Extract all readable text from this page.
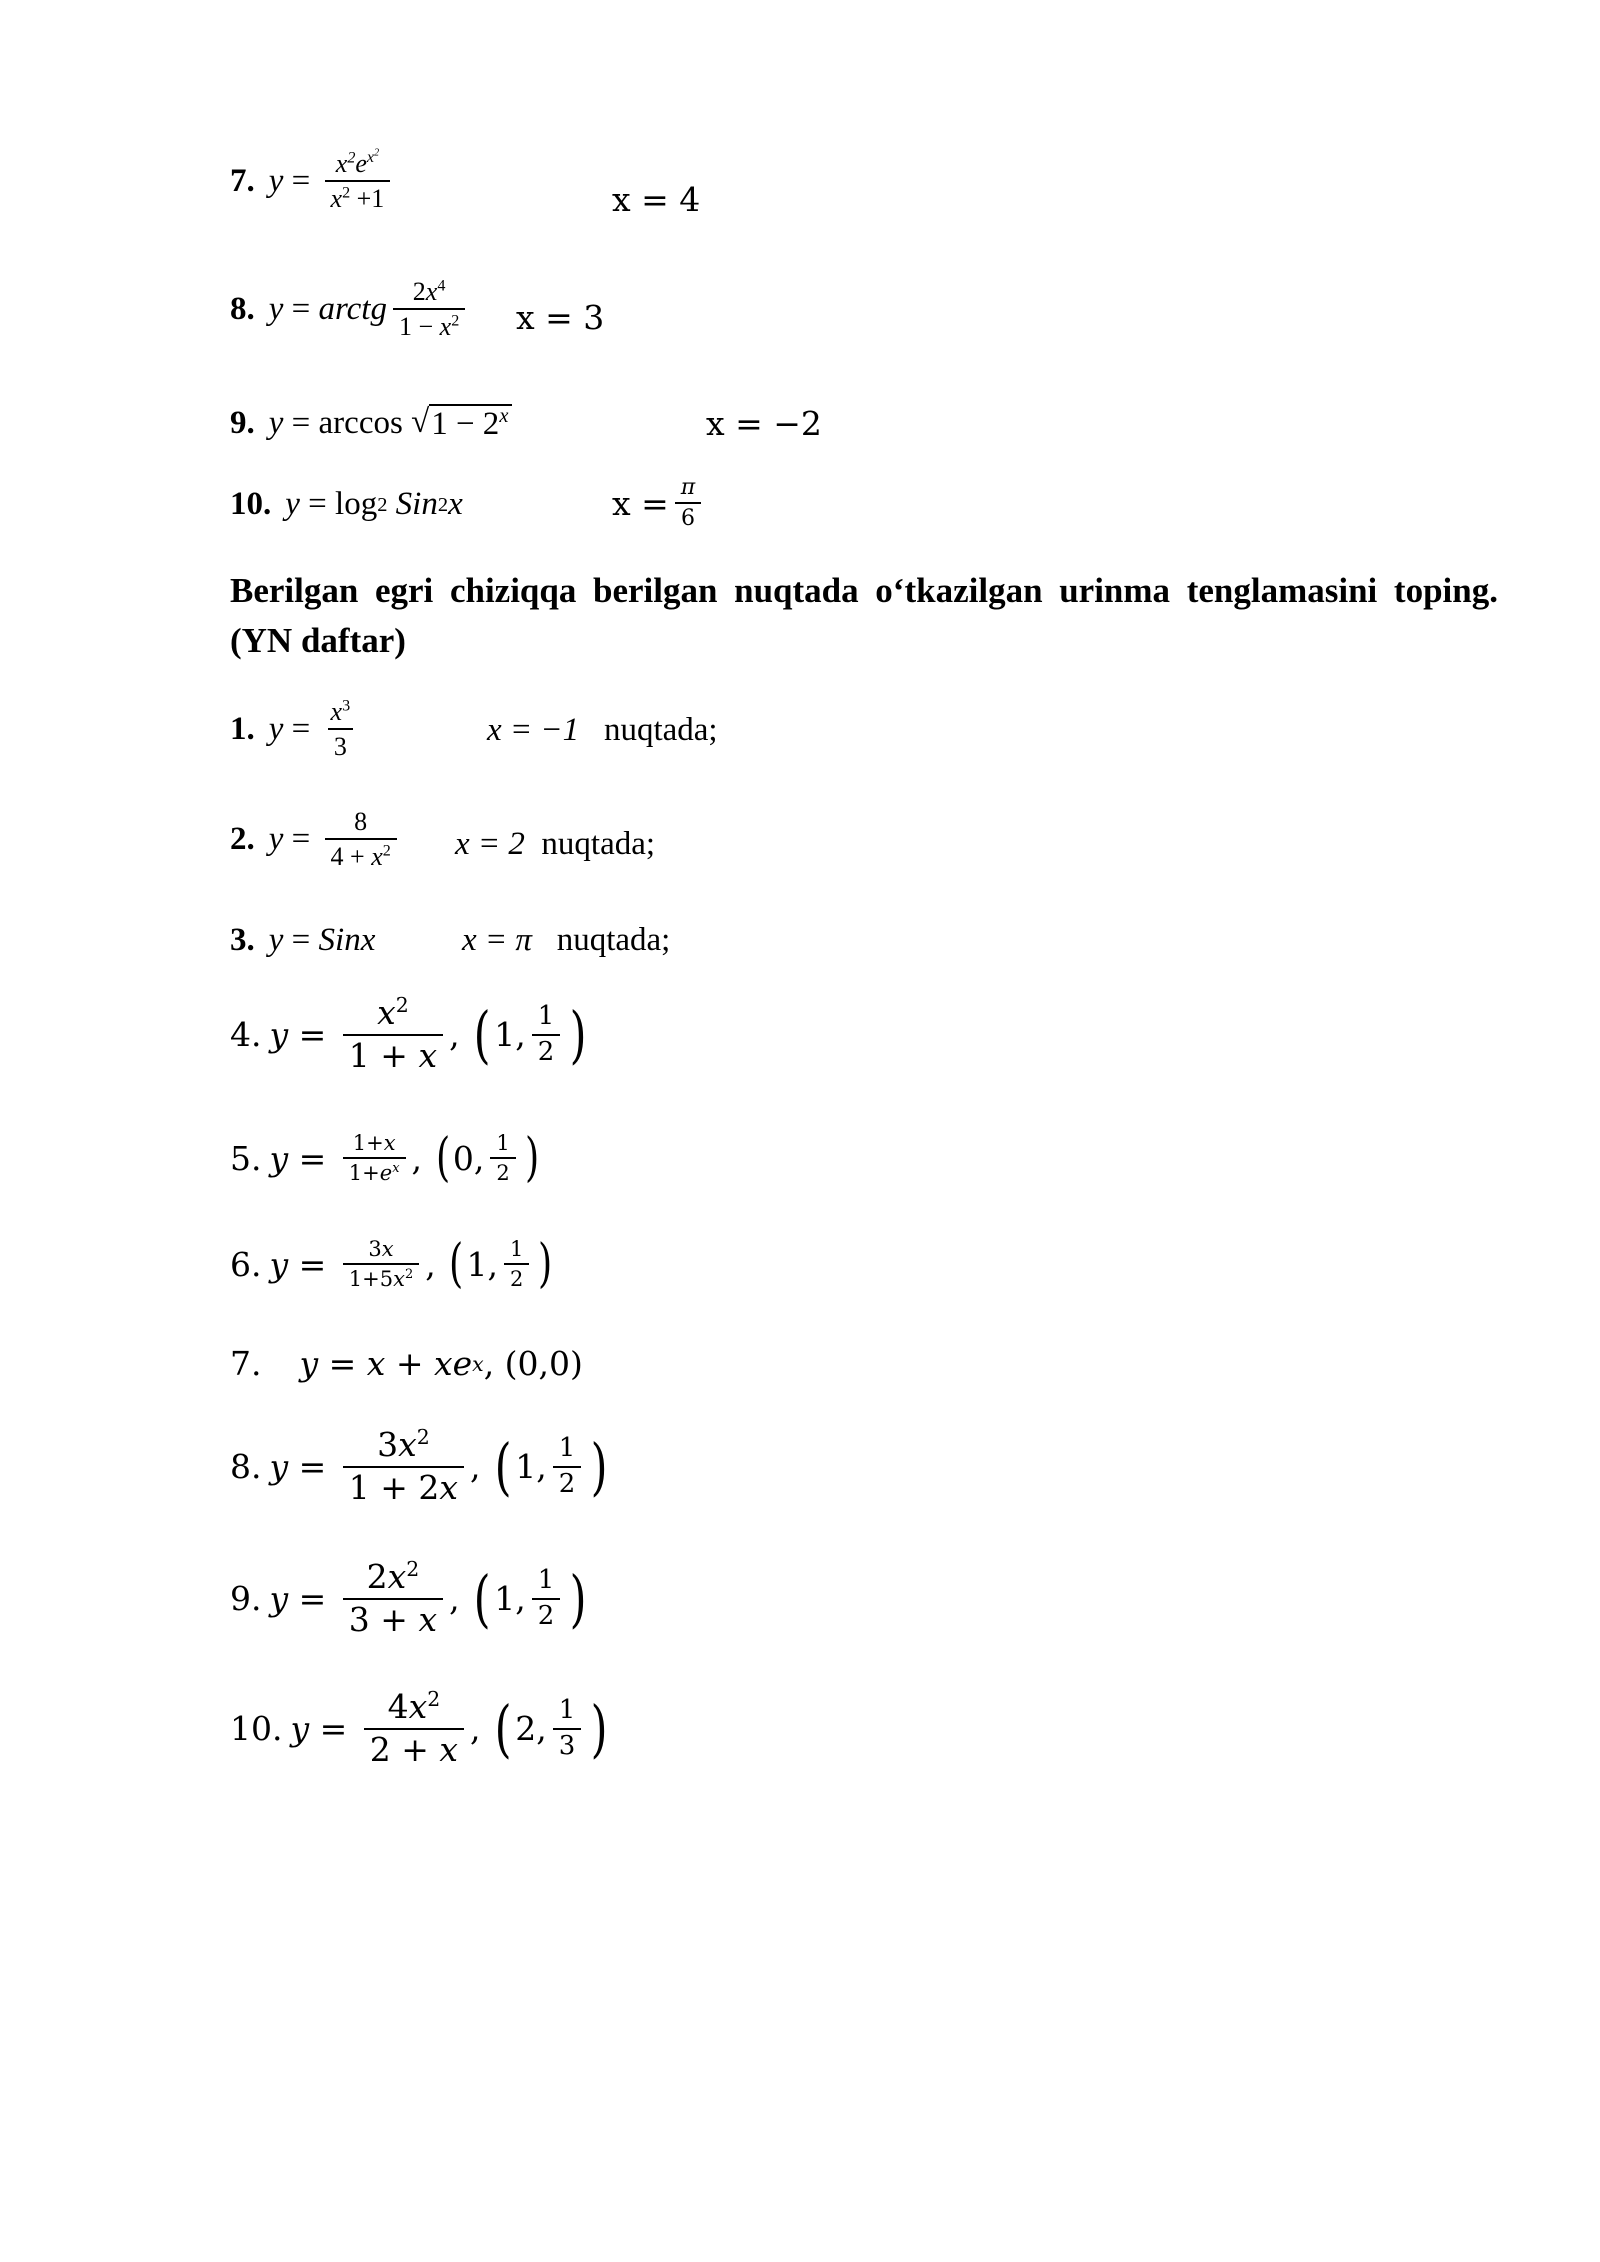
7. $y = \frac{x^2e^{x^2}}{x^2 +1}$	x = 4
8. y = arctg $\frac{2x^4}{1 - x^2}$ x = 3
9. y = arccos
√ $1 - 2^x$	x = −2
10. y = log 2
Sin 2 x	$x = \frac{\pi}{6}$
Berilgan egri chiziqqa berilgan nuqtada o‘tkazilgan urinma tenglamasini toping. (YN daftar)
1. $y = \frac{x^3}{3}$	x = −1 nuqtada;
2. $y = \frac{8}{4 + x^2}$ x = 2 nuqtada;
3. y = Sinx	x = π nuqtada;
4. $y = \frac{x^2}{1 + x}$ , ( 1, $\frac{1}{2}$ )
5. $y = \frac{1+x}{1+e^x}$ , ( 0, $\frac{1}{2}$ )
6. $y = \frac{3x}{1+5x^2}$ , ( 1, $\frac{1}{2}$ )
7. y = x + xe x , (0,0)
8. $y = \frac{3x^2}{1 + 2x}$ , ( 1, $\frac{1}{2}$ )
9. $y = \frac{2x^2}{3 + x}$ , ( 1, $\frac{1}{2}$ )
10. $y = \frac{4x^2}{2 + x}$ , ( 2, $\frac{1}{3}$ )
